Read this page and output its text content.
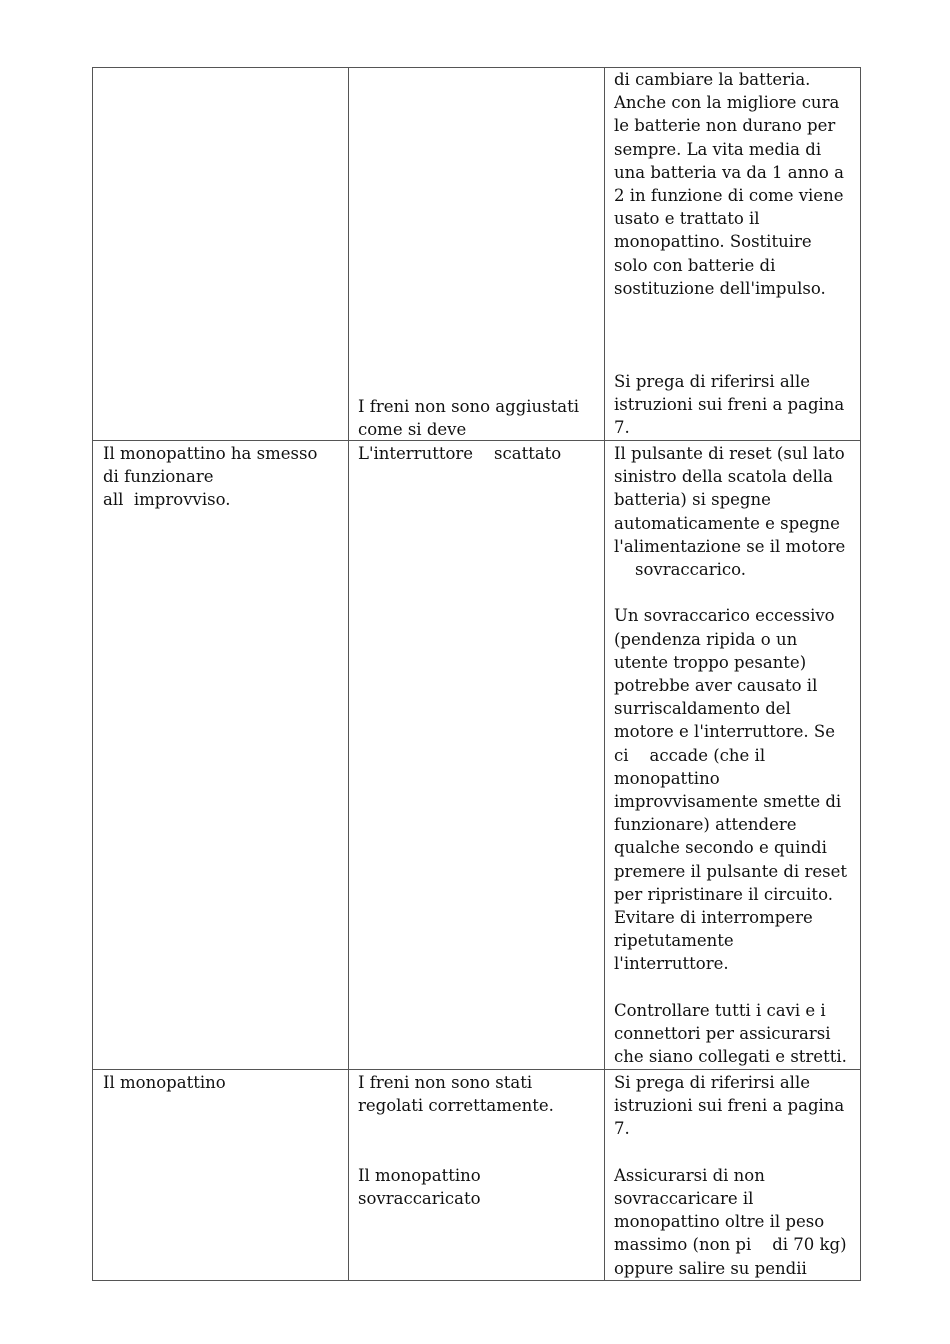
I freni non sono aggiustati
come si deve

di cambiare la batteria.
Anche con la migliore cura
le batterie non durano per
sempre. La vita media di
una batteria va da 1 anno a
2 in funzione di come viene
usato e trattato il
monopattino. Sostituire
solo con batterie di
sostituzione dell'impulso.

Si prega di riferirsi alle
istruzioni sui freni a pagina
7.

Il monopattino ha smesso
di funzionare
all  improvviso.

L'interruttore    scattato	Il pulsante di reset (sul lato
sinistro della scatola della
batteria) si spegne
automaticamente e spegne
l'alimentazione se il motore
sovraccarico.

Un sovraccarico eccessivo
(pendenza ripida o un
utente troppo pesante)
potrebbe aver causato il
surriscaldamento del
motore e l'interruttore. Se
ci    accade (che il
monopattino
improvvisamente smette di
funzionare) attendere
qualche secondo e quindi
premere il pulsante di reset
per ripristinare il circuito.
Evitare di interrompere
ripetutamente
l'interruttore.

Controllare tutti i cavi e i
connettori per assicurarsi
che siano collegati e stretti.

Il monopattino	I freni non sono stati
regolati correttamente.

Il monopattino
sovraccaricato

Si prega di riferirsi alle
istruzioni sui freni a pagina
7.

Assicurarsi di non
sovraccaricare il
monopattino oltre il peso
massimo (non pi    di 70 kg)
oppure salire su pendii
